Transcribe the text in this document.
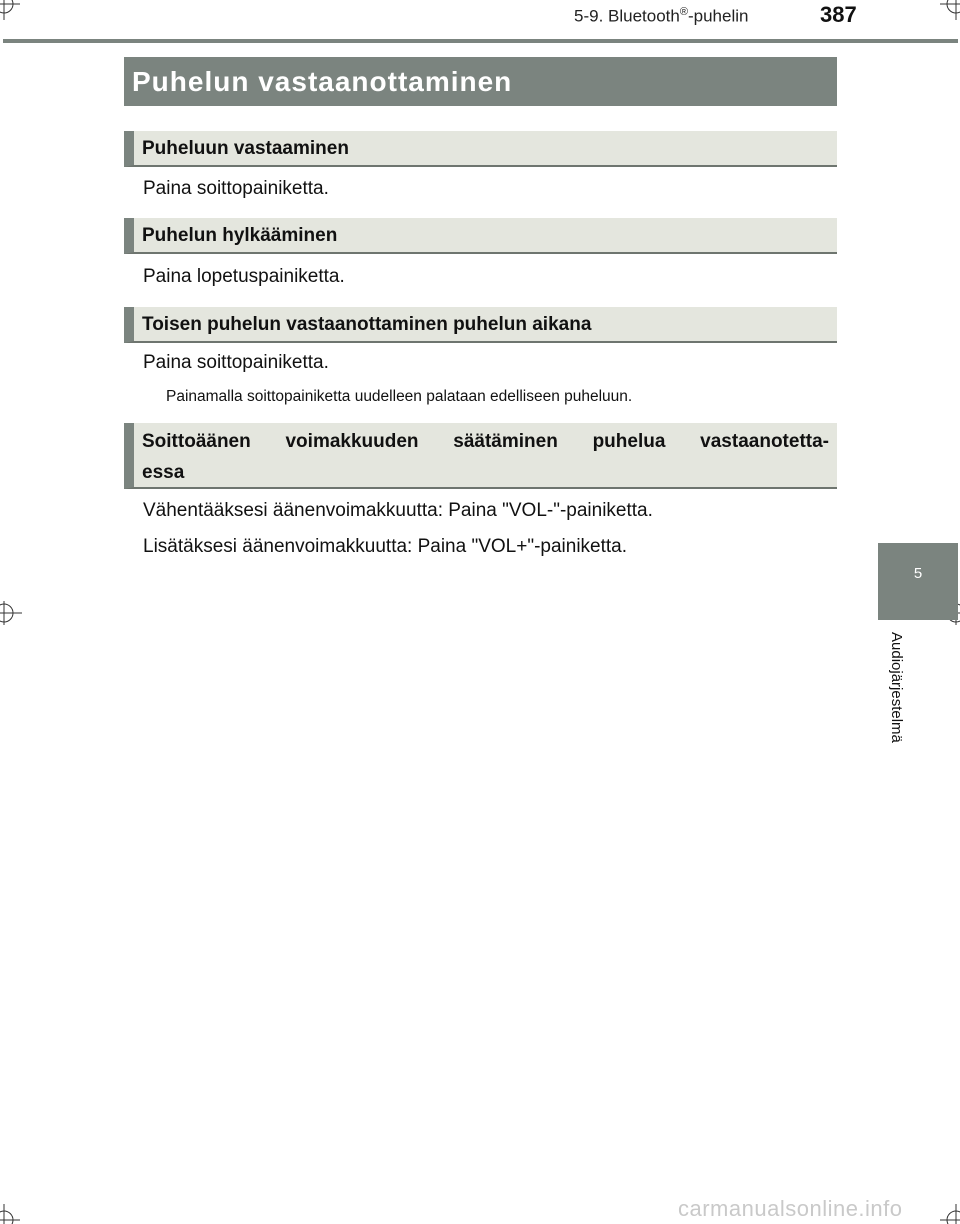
5-9. Bluetooth®-puhelin	387
Puhelun vastaanottaminen
Puheluun vastaaminen
Paina soittopainiketta.
Puhelun hylkääminen
Paina lopetuspainiketta.
Toisen puhelun vastaanottaminen puhelun aikana
Paina soittopainiketta.
Painamalla soittopainiketta uudelleen palataan edelliseen puheluun.
Soittoäänen voimakkuuden säätäminen puhelua vastaanotetta-
essa
Vähentääksesi äänenvoimakkuutta: Paina "VOL-"-painiketta.
Lisätäksesi äänenvoimakkuutta: Paina "VOL+"-painiketta.
5
Audiojärjestelmä
carmanualsonline.info
